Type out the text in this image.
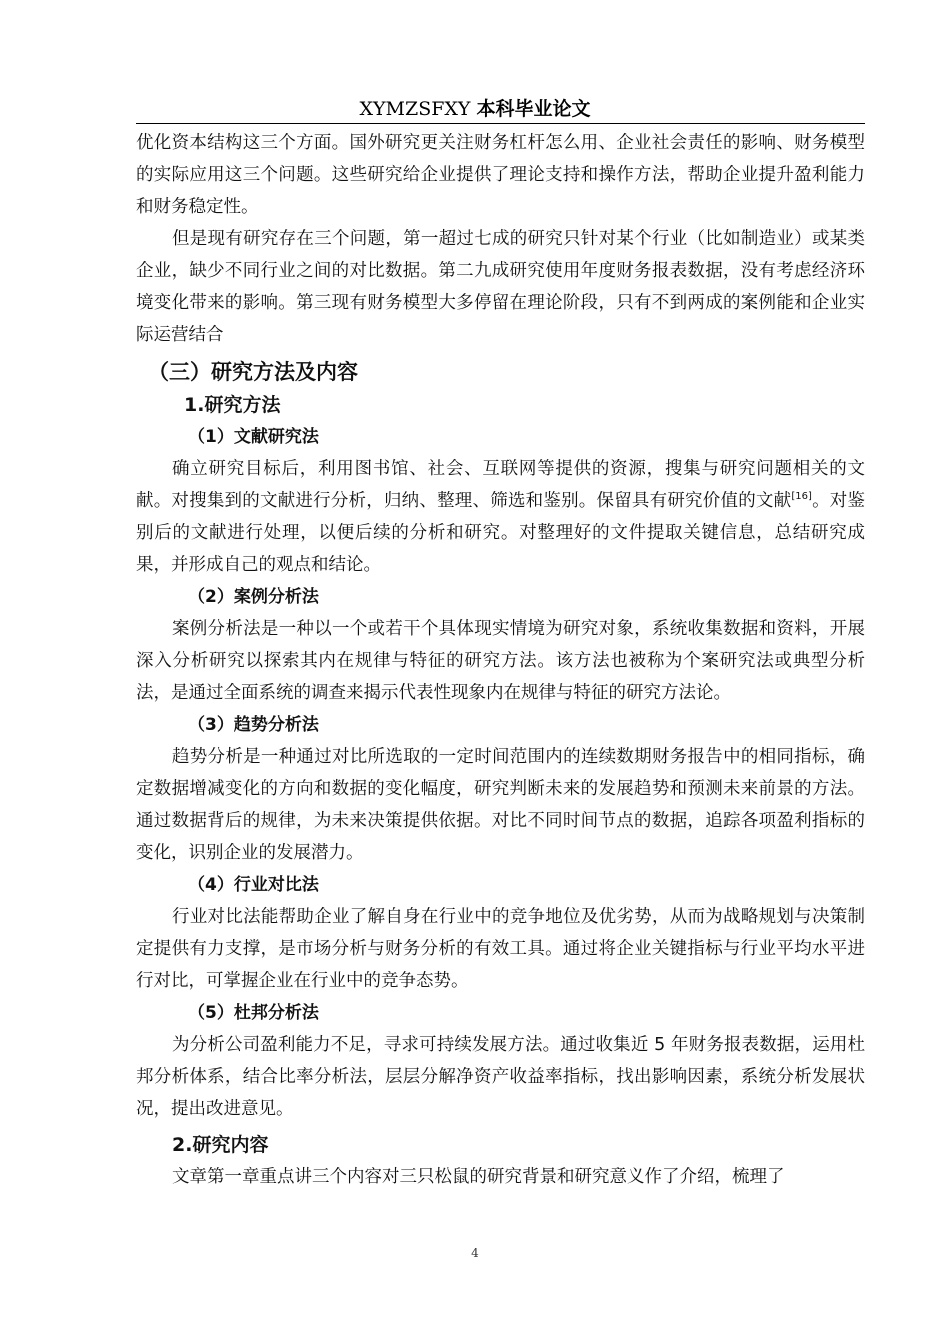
XYMZSFXY 本科毕业论文
优化资本结构这三个方面。国外研究更关注财务杠杆怎么用、企业社会责任的影响、财务模型的实际应用这三个问题。这些研究给企业提供了理论支持和操作方法，帮助企业提升盈利能力和财务稳定性。
但是现有研究存在三个问题，第一超过七成的研究只针对某个行业（比如制造业）或某类企业，缺少不同行业之间的对比数据。第二九成研究使用年度财务报表数据，没有考虑经济环境变化带来的影响。第三现有财务模型大多停留在理论阶段，只有不到两成的案例能和企业实际运营结合
（三）研究方法及内容
1.研究方法
（1）文献研究法
确立研究目标后，利用图书馆、社会、互联网等提供的资源，搜集与研究问题相关的文献。对搜集到的文献进行分析，归纳、整理、筛选和鉴别。保留具有研究价值的文献[16]。对鉴别后的文献进行处理，以便后续的分析和研究。对整理好的文件提取关键信息，总结研究成果，并形成自己的观点和结论。
（2）案例分析法
案例分析法是一种以一个或若干个具体现实情境为研究对象，系统收集数据和资料，开展深入分析研究以探索其内在规律与特征的研究方法。该方法也被称为个案研究法或典型分析法，是通过全面系统的调查来揭示代表性现象内在规律与特征的研究方法论。
（3）趋势分析法
趋势分析是一种通过对比所选取的一定时间范围内的连续数期财务报告中的相同指标，确定数据增减变化的方向和数据的变化幅度，研究判断未来的发展趋势和预测未来前景的方法。通过数据背后的规律，为未来决策提供依据。对比不同时间节点的数据，追踪各项盈利指标的变化，识别企业的发展潜力。
（4）行业对比法
行业对比法能帮助企业了解自身在行业中的竞争地位及优劣势，从而为战略规划与决策制定提供有力支撑，是市场分析与财务分析的有效工具。通过将企业关键指标与行业平均水平进行对比，可掌握企业在行业中的竞争态势。
（5）杜邦分析法
为分析公司盈利能力不足，寻求可持续发展方法。通过收集近 5 年财务报表数据，运用杜邦分析体系，结合比率分析法，层层分解净资产收益率指标，找出影响因素，系统分析发展状况，提出改进意见。
2.研究内容
文章第一章重点讲三个内容对三只松鼠的研究背景和研究意义作了介绍，梳理了
4
